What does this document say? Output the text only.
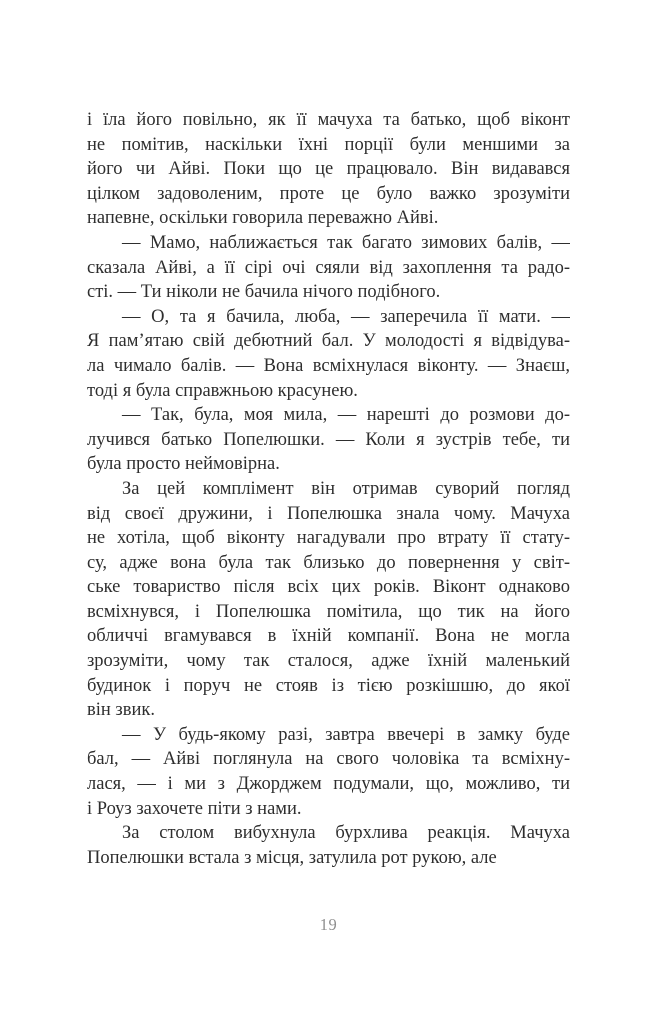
і їла його повільно, як її мачуха та батько, щоб віконт
не помітив, наскільки їхні порції були меншими за
його чи Айві. Поки що це працювало. Він видавався
цілком задоволеним, проте це було важко зрозуміти
напевне, оскільки говорила переважно Айві.
— Мамо, наближається так багато зимових балів, —
сказала Айві, а її сірі очі сяяли від захоплення та радо-
сті. — Ти ніколи не бачила нічого подібного.
— О, та я бачила, люба, — заперечила її мати. —
Я пам’ятаю свій дебютний бал. У молодості я відвідува-
ла чимало балів. — Вона всміхнулася віконту. — Знаєш,
тоді я була справжньою красунею.
— Так, була, моя мила, — нарешті до розмови до-
лучився батько Попелюшки. — Коли я зустрів тебе, ти
була просто неймовірна.
За цей комплімент він отримав суворий погляд
від своєї дружини, і Попелюшка знала чому. Мачуха
не хотіла, щоб віконту нагадували про втрату її стату-
су, адже вона була так близько до повернення у світ-
ське товариство після всіх цих років. Віконт однаково
всміхнувся, і Попелюшка помітила, що тик на його
обличчі вгамувався в їхній компанії. Вона не могла
зрозуміти, чому так сталося, адже їхній маленький
будинок і поруч не стояв із тією розкішшю, до якої
він звик.
— У будь-якому разі, завтра ввечері в замку буде
бал, — Айві поглянула на свого чоловіка та всміхну-
лася, — і ми з Джорджем подумали, що, можливо, ти
і Роуз захочете піти з нами.
За столом вибухнула бурхлива реакція. Мачуха
Попелюшки встала з місця, затулила рот рукою, але
19
